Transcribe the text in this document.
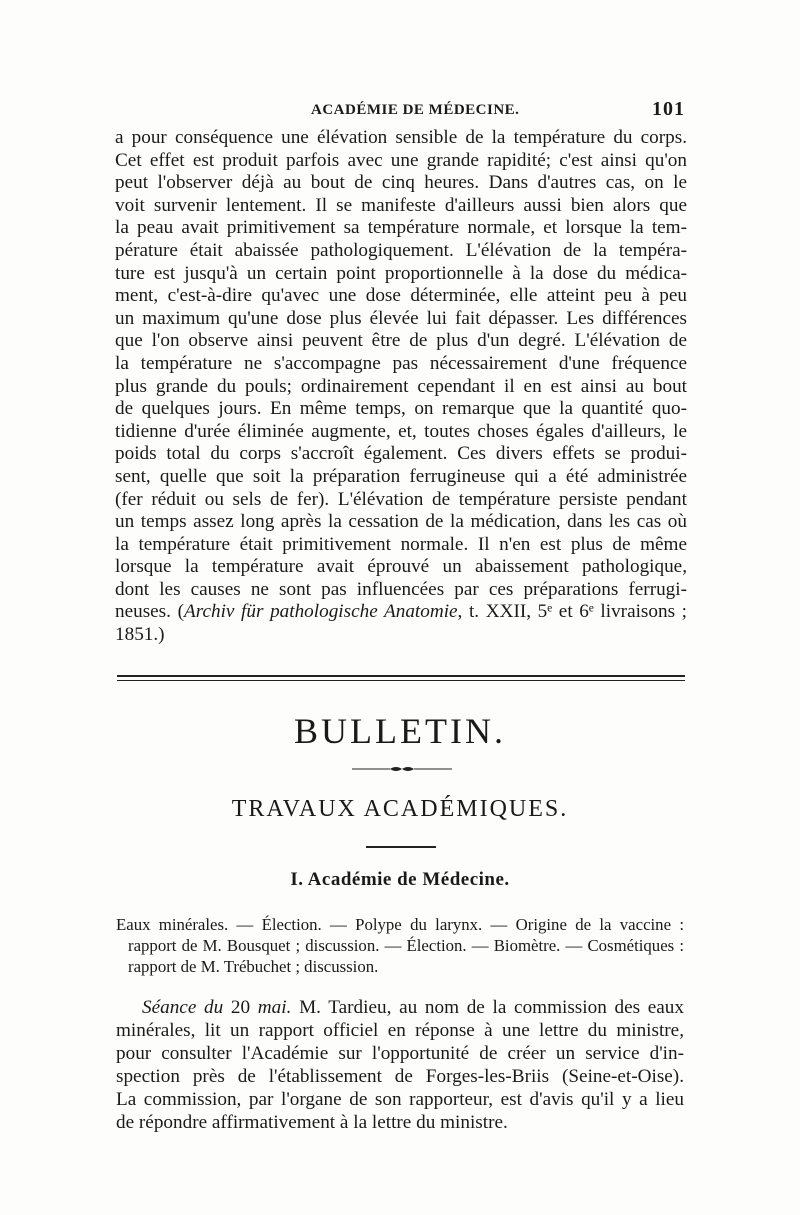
ACADÉMIE DE MÉDECINE.	101
a pour conséquence une élévation sensible de la température du corps.
Cet effet est produit parfois avec une grande rapidité; c'est ainsi qu'on
peut l'observer déjà au bout de cinq heures. Dans d'autres cas, on le
voit survenir lentement. Il se manifeste d'ailleurs aussi bien alors que
la peau avait primitivement sa température normale, et lorsque la tem-
pérature était abaissée pathologiquement. L'élévation de la tempéra-
ture est jusqu'à un certain point proportionnelle à la dose du médica-
ment, c'est-à-dire qu'avec une dose déterminée, elle atteint peu à peu
un maximum qu'une dose plus élevée lui fait dépasser. Les différences
que l'on observe ainsi peuvent être de plus d'un degré. L'élévation de
la température ne s'accompagne pas nécessairement d'une fréquence
plus grande du pouls; ordinairement cependant il en est ainsi au bout
de quelques jours. En même temps, on remarque que la quantité quo-
tidienne d'urée éliminée augmente, et, toutes choses égales d'ailleurs, le
poids total du corps s'accroît également. Ces divers effets se produi-
sent, quelle que soit la préparation ferrugineuse qui a été administrée
(fer réduit ou sels de fer). L'élévation de température persiste pendant
un temps assez long après la cessation de la médication, dans les cas où
la température était primitivement normale. Il n'en est plus de même
lorsque la température avait éprouvé un abaissement pathologique,
dont les causes ne sont pas influencées par ces préparations ferrugi-
neuses. (Archiv für pathologische Anatomie, t. XXII, 5ᵉ et 6ᵉ livraisons ;
1851.)
BULLETIN.
TRAVAUX ACADÉMIQUES.
I. Académie de Médecine.
Eaux minérales. — Élection. — Polype du larynx. — Origine de la vaccine :
rapport de M. Bousquet ; discussion. — Élection. — Biomètre. — Cosmétiques :
rapport de M. Trébuchet ; discussion.
Séance du 20 mai. M. Tardieu, au nom de la commission des eaux
minérales, lit un rapport officiel en réponse à une lettre du ministre,
pour consulter l'Académie sur l'opportunité de créer un service d'in-
spection près de l'établissement de Forges-les-Briis (Seine-et-Oise).
La commission, par l'organe de son rapporteur, est d'avis qu'il y a lieu
de répondre affirmativement à la lettre du ministre.
